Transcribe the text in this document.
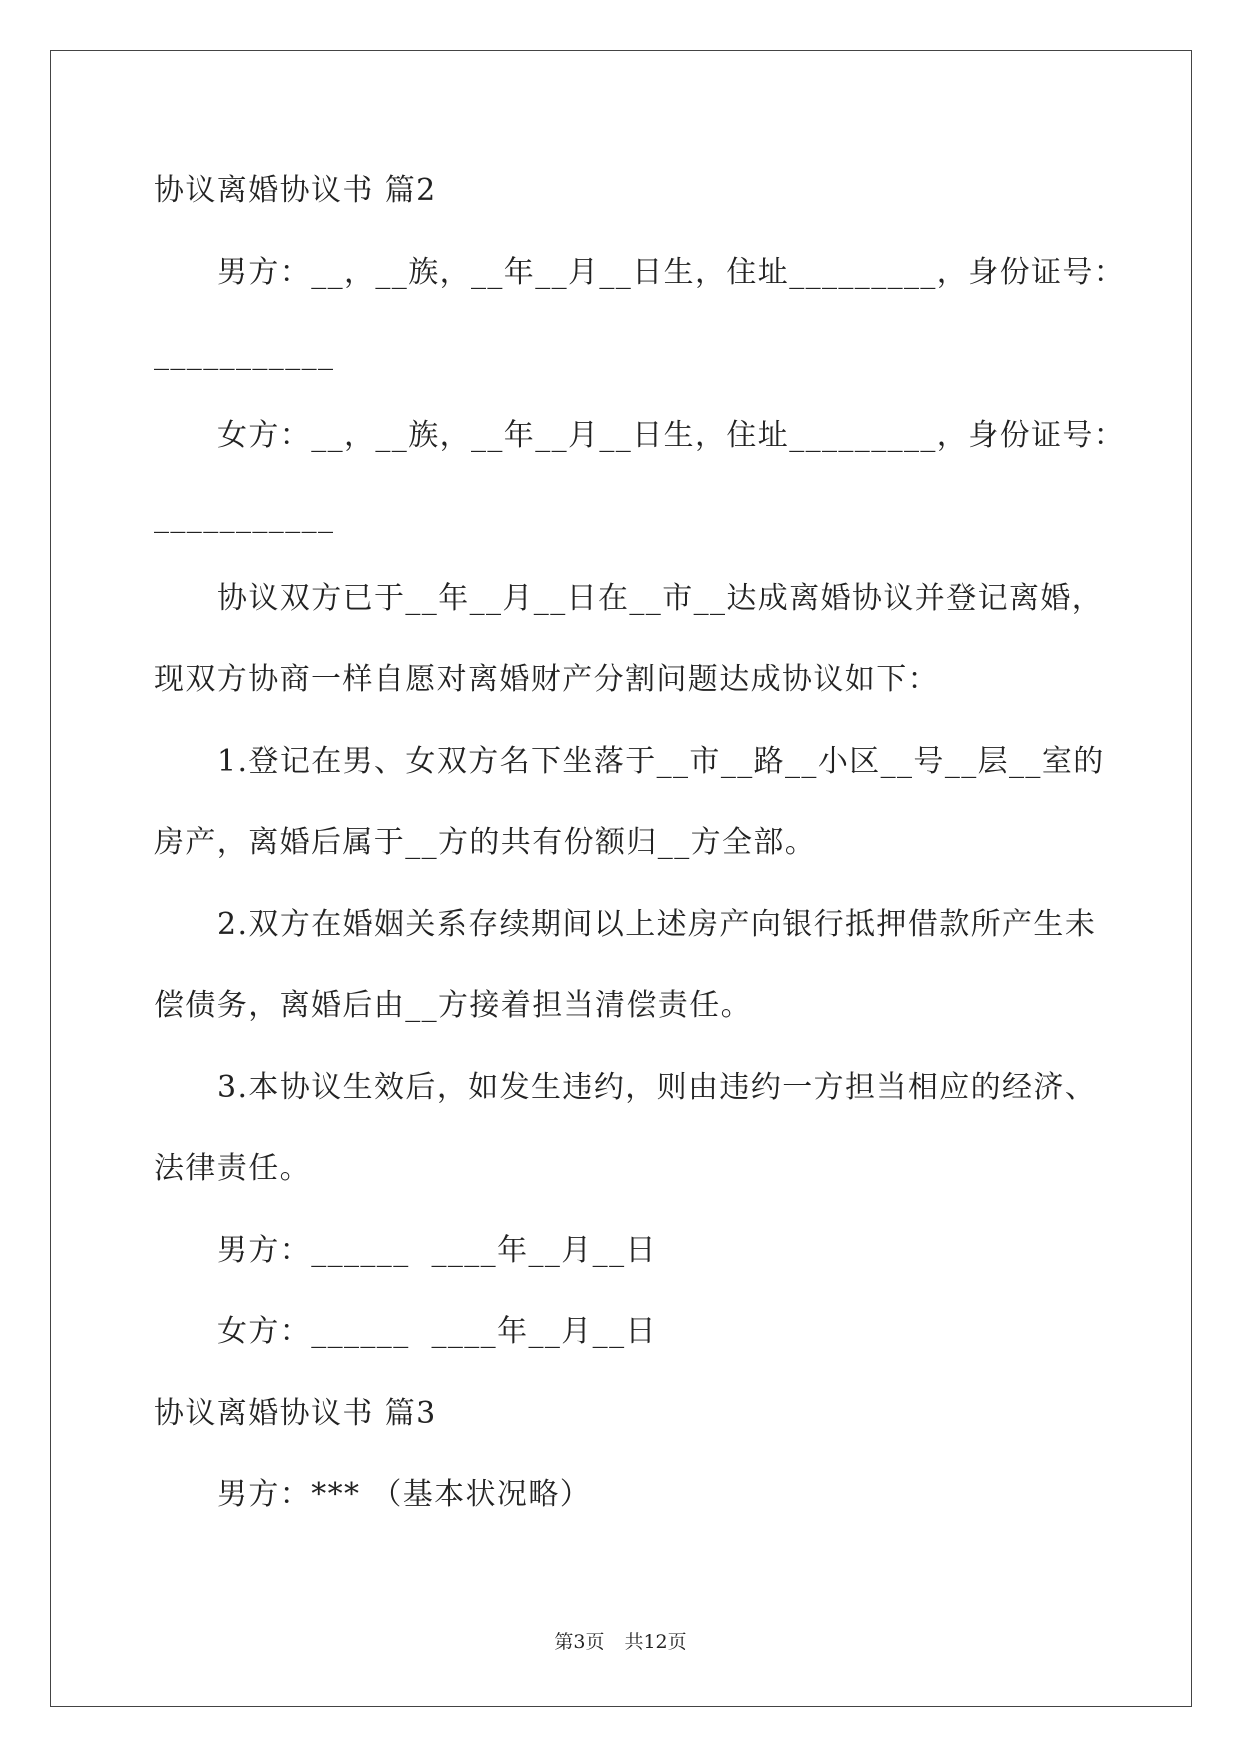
协议离婚协议书 篇2
男方：__，__族，__年__月__日生，住址_________，身份证号：
___________
女方：__，__族，__年__月__日生，住址_________，身份证号：
___________
协议双方已于__年__月__日在__市__达成离婚协议并登记离婚，
现双方协商一样自愿对离婚财产分割问题达成协议如下：
1.登记在男、女双方名下坐落于__市__路__小区__号__层__室的
房产，离婚后属于__方的共有份额归__方全部。
2.双方在婚姻关系存续期间以上述房产向银行抵押借款所产生未
偿债务，离婚后由__方接着担当清偿责任。
3.本协议生效后，如发生违约，则由违约一方担当相应的经济、
法律责任。
男方：______  ____年__月__日
女方：______  ____年__月__日
协议离婚协议书 篇3
男方：*** （基本状况略）
第3页 共12页
